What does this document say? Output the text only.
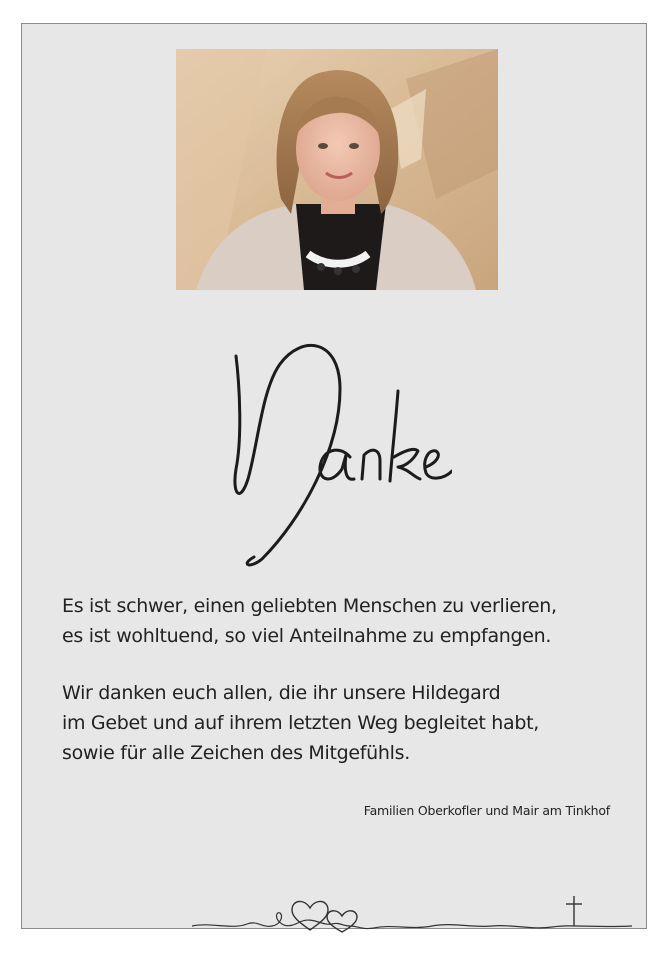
Es ist schwer, einen geliebten Menschen zu verlieren,
es ist wohltuend, so viel Anteilnahme zu empfangen.
Wir danken euch allen, die ihr unsere Hildegard
im Gebet und auf ihrem letzten Weg begleitet habt,
sowie für alle Zeichen des Mitgefühls.
Familien Oberkofler und Mair am Tinkhof
